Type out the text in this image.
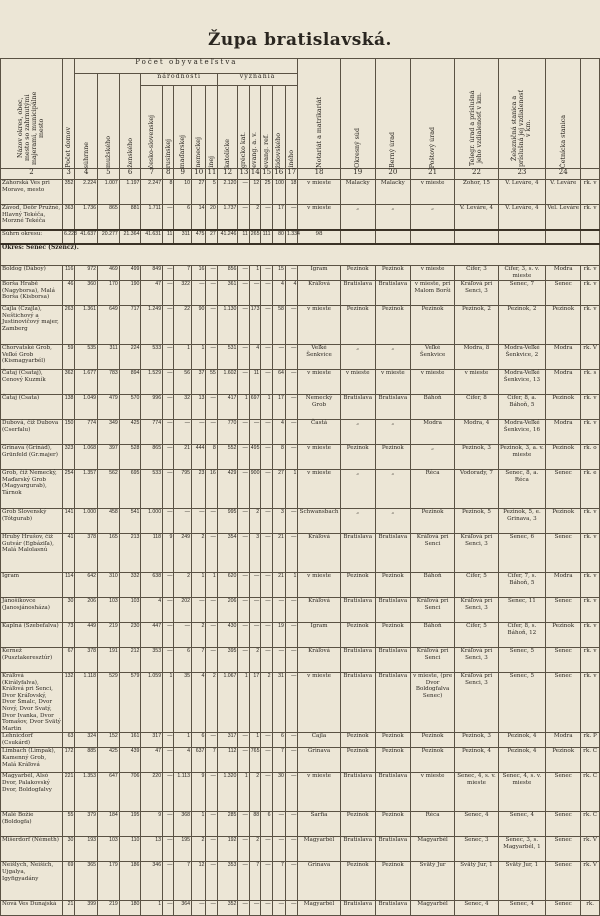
Župa bratislavská.
Názov okres, obec, mesto so zahrnutými majerami, municipálne mesto	Počet domov	Počet obyvateľstva														Notariát a matrikariát	Okresný súd	Berný úrad	Poštový úrad	Telegr. úrad a príslušná jeho vzdialenosť v km.	Železničná stanica a príslušná jej vzdialenosť v km.	Četnícka stanica	

		súhrnne	mužského	ženského	národnosti					vyznania													

					česko-slovenskej	rusínskej	maďarskej	nemeckej	inej	katolícke	grécko kat.	evang. a. v.	evang. ref.	židovského	iného								

2	3	4	5	6	7	8	9	10	11	12	13	14	15	16	17	18	19	20	21	22	23	24	
Záhorská Ves pri Morave, mesto	352	2.224	1.007	1.197	2.247	8	10	27	5	2.120	—	12	25	100	18	v mieste	Malacky	Malacky	v mieste	Zohor, 15	V. Leváre, 4	V. Leváre	rk. v
Závod, Deör Pružné, Hlavný Tekéča, Morzné Tekéča	363	1.736	865	881	1.711	—	6	14	20	1.737	—	2	—	17	—	v mieste	„	„	„	V. Leváre, 4	V. Leváre, 4	Vel. Leváre	rk. v
Súhrn okresu:	6.228	41.637	20.277	21.364	41.631	11	311	475	27	41.246	11	265	111	80	1.334	98							
Okres: Senec (Szencz).																							
Boldog (Dáboy)	116	972	469	499	849	—	7	16	—	856	—	1	—	15	—	Igram	Pezinok	Pezinok	v mieste	Cífer, 3	Cífer, 3, s. v. mieste	Modra	rk. v
Borša Hrabě (Nagyborsa), Malá Borša (Kisborsa)	46	360	170	190	47	—	322	—	—	361	—	—	—	4	4	Kráľová	Bratislava	Bratislava	v mieste, pri Malom Borši	Kráľová pri Senci, 3	Senec, 7	Senec	rk. v
Cajla (Czajla), Neštichový a Justinovičový majer, Zamberg	263	1.361	649	717	1.249	—	22	90	—	1.130	—	173	—	58	—	v mieste	Pezinok	Pezinok	Pezinok	Pezinok, 2	Pezinok, 2	Pezinok	rk. v
Chorvatské Grob, Veľké Grob (Kismagyarbél)	59	535	311	224	533	—	1	1	—	531	—	4	—	—	—	Veľké Šenkvice	„	„	Veľké Šenkvice	Modra, 8	Modra-Veľké Šenkvice, 2	Modra	rk. V
Čataj (Csataj), Cenový Kuzmík	362	1.677	783	894	1.529	—	56	37	55	1.602	—	11	—	64	—	v mieste	v mieste	v mieste	v mieste	v mieste	Modra-Veľké Šenkvice, 13	Modra	rk. s
Čataj (Csata)	138	1.049	479	570	996	—	32	13	—	417	1	697	1	17	—	Nemecký Grob	Bratislava	Bratislava	Báhoň	Cífer, 8	Cífer, 8, a. Báhoň, 5	Pezinok	rk. v
Dubová, čiž Dubova (Cserfalu)	150	774	349	425	774	—	—	—	—	770	—	—	—	4	—	Častá	„	„	Modra	Modra, 4	Modra-Veľké Šenkvice, 16	Modra	rk. v
Grinava (Grinád), Grünfeld (Gr.majer)	323	1.068	397	528	865	—	21	444	8	552	—	495	—	8	—	v mieste	Pezinok	Pezinok	„	Pezinok, 3	Pezinok, 3, a. v. mieste	Pezinok	rk. o
Grob, čiž Nemecký, Maďarský Grob (Magyargurab), Tárnok	254	1.357	562	695	533	—	795	23	16	429	—	900	—	27	1	v mieste	„	„	Réca	Vodorady, 7	Senec, 8, a. Réca	Senec	rk. e
Grob Slovenský (Tótgurab)	141	1.000	458	541	1.000	—	—	—	—	995	—	2	—	3	—	Schwansbach	„	„	Pezinok	Pezinok, 5	Pezinok, 5, e. Grinava, 3	Pezinok	rk. v
Hrubý Hrušov, čiž Gutvár (Egbáziľa), Malá Malolasnú	41	378	165	213	118	9	249	2	—	354	—	3	—	21	—	Kráľová	Bratislava	Bratislava	Kráľová pri Senci	Kráľová pri Senci, 3	Senec, 6	Senec	rk. v
Igram	114	642	310	332	638	—	2	1	1	620	—	—	—	21	1	v mieste	Pezinok	Pezinok	Báhoň	Cífer, 5	Cífer, 7, s. Báhoň, 5	Modra	rk. v
Jánošikovce (Janosjánosháza)	30	206	103	103	4	—	202	—	—	206	—	—	—	—	—	Kráľová	Bratislava	Bratislava	Kráľová pri Senci	Kráľová pri Senci, 3	Senec, 11	Senec	rk. v
Kaplná (Szebefalva)	73	449	219	230	447	—	—	2	—	430	—	—	—	19	—	Igram	Pezinok	Pezinok	Báhoň	Cífer, 5	Cífer, 8, s. Báhoň, 12	Pezinok	rk. v
Kernež (Pusztakeresztúr)	67	378	191	212	353	—	6	7	—	395	—	2	—	—	—	Kráľová	Bratislava	Bratislava	Kráľová pri Senci	Kráľová pri Senci, 3	Senec, 5	Senec	rk. v
Kráľová (Királyfalva), Kráľová pri Senci, Dvor Kráľovský, Dvor Šmalc, Dvor Nový, Dvor Svatý, Dvor Ivanka, Dvor Tomašov, Dvor Svätý Martin	132	1.118	529	579	1.059	1	35	4	2	1.067	1	17	2	31	—	v mieste	Bratislava	Bratislava	v mieste, (pre Dvor Boldogfalva Senec)	Kráľová pri Senci, 3	Senec, 5	Senec	rk. v
Lehnicdorf (Csukárd)	63	324	152	161	317	—	1	6	—	317	—	1	—	6	—	Cajla	Pezinok	Pezinok	Pezinok	Pezinok, 3	Pezinok, 4	Modra	rk. P
Limbach (Limpak), Kamenný Grob, Malá Kráľová	172	885	425	439	47	—	4	637	7	112	—	765	—	7	—	Grinava	Pezinok	Pezinok	Pezinok	Pezinok, 4	Pezinok, 4	Pezinok	rk. C
Magyarbél, Alsó Dvor, Palakovský Dvor, Boldogfalvy	221	1.353	647	706	220	—	1.113	9	—	1.320	1	2	—	30	—	v mieste	Bratislava	Bratislava	v mieste	Senec, 4, s. v. mieste	Senec, 4, s. v. mieste	Senec	rk. C
Malé Božie (Boldogfa)	55	379	184	195	9	—	368	1	—	285	—	88	6	—	—	Šarfia	Pezinok	Pezinok	Réca	Senec, 4	Senec, 4	Senec	rk. C
Mišerdorf (Németh)	30	193	103	110	13	—	195	2	—	192	—	2	—	—	—	Magyarbél	Bratislava	Bratislava	Magyarbél	Senec, 3	Senec, 3, s. Magyarbél, 1	Senec	rk. V
Neišlych, Neišich, Ujgalya, Igyfigyadány	69	365	179	186	346	—	7	12	—	353	—	7	—	7	—	Grinava	Pezinok	Pezinok	Svätý Jur	Svätý Jur, 1	Svätý Jur, 1	Senec	rk. V
Nová Ves Dunajská	21	399	219	180	1	—	364	—	—	352	—	—	—	—	—	Magyarbél	Bratislava	Bratislava	Magyarbél	Senec, 4	Senec, 4	Senec	rk.
